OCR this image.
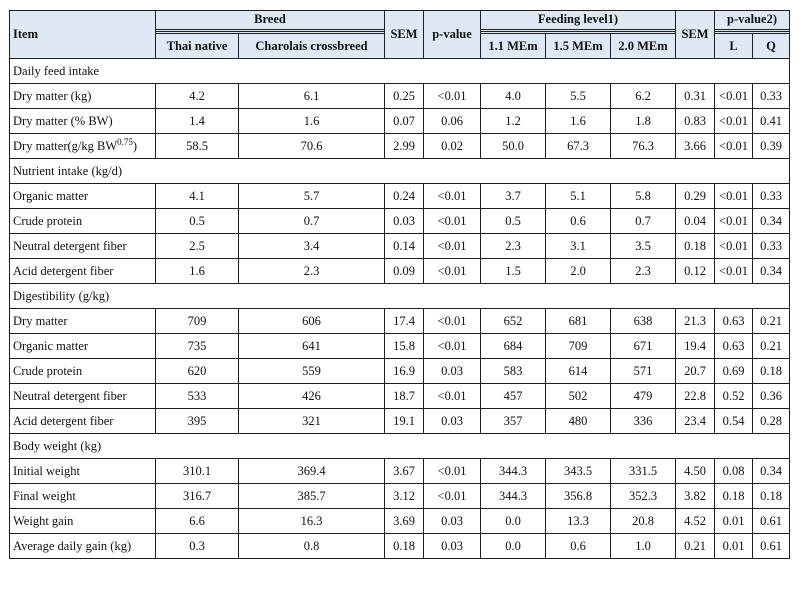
Item	Breed		SEM	p-value	Feeding level1)			SEM	p-value2)	

	Thai native	Charolais crossbreed			1.1 MEm	1.5 MEm	2.0 MEm		L	Q
Daily feed intake										
Dry matter (kg)	4.2	6.1	0.25	<0.01	4.0	5.5	6.2	0.31	<0.01	0.33
Dry matter (% BW)	1.4	1.6	0.07	0.06	1.2	1.6	1.8	0.83	<0.01	0.41
Dry matter(g/kg $BW^{0.75}$)	58.5	70.6	2.99	0.02	50.0	67.3	76.3	3.66	<0.01	0.39
Nutrient intake (kg/d)										
Organic matter	4.1	5.7	0.24	<0.01	3.7	5.1	5.8	0.29	<0.01	0.33
Crude protein	0.5	0.7	0.03	<0.01	0.5	0.6	0.7	0.04	<0.01	0.34
Neutral detergent fiber	2.5	3.4	0.14	<0.01	2.3	3.1	3.5	0.18	<0.01	0.33
Acid detergent fiber	1.6	2.3	0.09	<0.01	1.5	2.0	2.3	0.12	<0.01	0.34
Digestibility (g/kg)										
Dry matter	709	606	17.4	<0.01	652	681	638	21.3	0.63	0.21
Organic matter	735	641	15.8	<0.01	684	709	671	19.4	0.63	0.21
Crude protein	620	559	16.9	0.03	583	614	571	20.7	0.69	0.18
Neutral detergent fiber	533	426	18.7	<0.01	457	502	479	22.8	0.52	0.36
Acid detergent fiber	395	321	19.1	0.03	357	480	336	23.4	0.54	0.28
Body weight (kg)										
Initial weight	310.1	369.4	3.67	<0.01	344.3	343.5	331.5	4.50	0.08	0.34
Final weight	316.7	385.7	3.12	<0.01	344.3	356.8	352.3	3.82	0.18	0.18
Weight gain	6.6	16.3	3.69	0.03	0.0	13.3	20.8	4.52	0.01	0.61
Average daily gain (kg)	0.3	0.8	0.18	0.03	0.0	0.6	1.0	0.21	0.01	0.61
